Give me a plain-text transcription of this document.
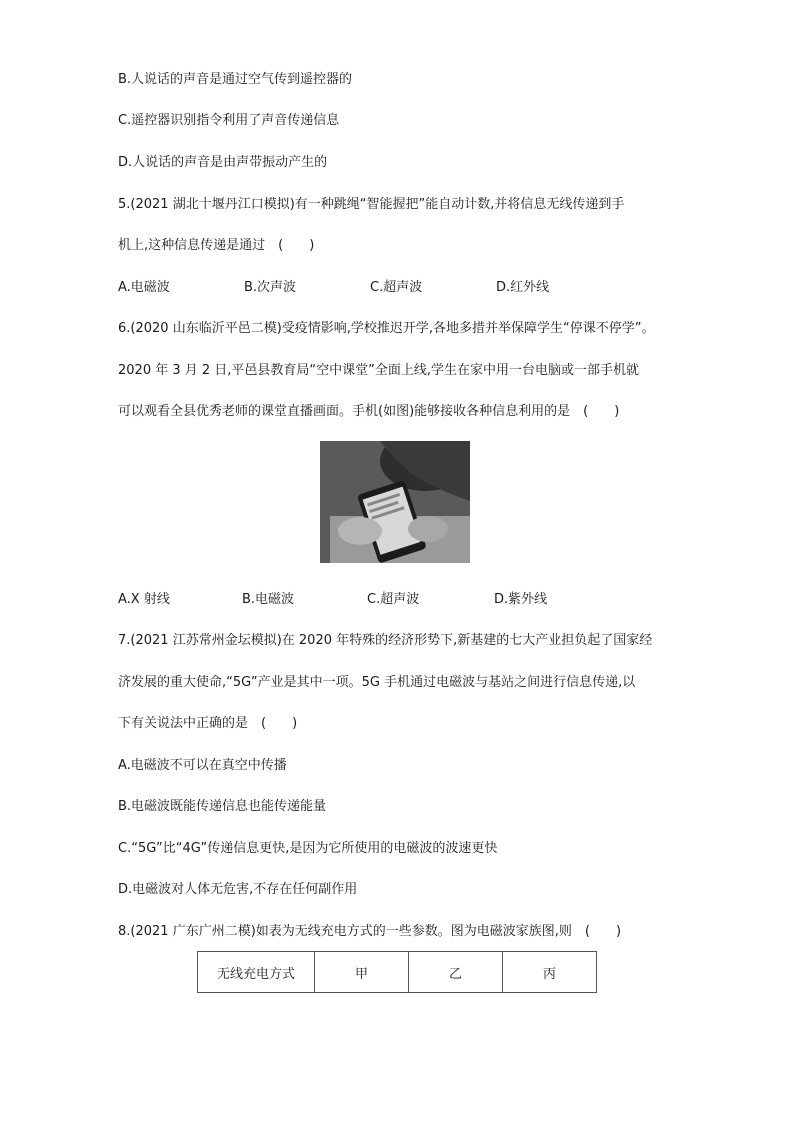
B.人说话的声音是通过空气传到遥控器的
C.遥控器识别指令利用了声音传递信息
D.人说话的声音是由声带振动产生的
5.(2021 湖北十堰丹江口模拟)有一种跳绳“智能握把”能自动计数,并将信息无线传递到手
机上,这种信息传递是通过　(　　)
A.电磁波	B.次声波	C.超声波	D.红外线
6.(2020 山东临沂平邑二模)受疫情影响,学校推迟开学,各地多措并举保障学生“停课不停学”。
2020 年 3 月 2 日,平邑县教育局“空中课堂”全面上线,学生在家中用一台电脑或一部手机就
可以观看全县优秀老师的课堂直播画面。手机(如图)能够接收各种信息利用的是　(　　)
A.X 射线	B.电磁波	C.超声波	D.紫外线
7.(2021 江苏常州金坛模拟)在 2020 年特殊的经济形势下,新基建的七大产业担负起了国家经
济发展的重大使命,“5G”产业是其中一项。5G 手机通过电磁波与基站之间进行信息传递,以
下有关说法中正确的是　(　　)
A.电磁波不可以在真空中传播
B.电磁波既能传递信息也能传递能量
C.“5G”比“4G”传递信息更快,是因为它所使用的电磁波的波速更快
D.电磁波对人体无危害,不存在任何副作用
8.(2021 广东广州二模)如表为无线充电方式的一些参数。图为电磁波家族图,则　(　　)
无线充电方式	甲	乙	丙
